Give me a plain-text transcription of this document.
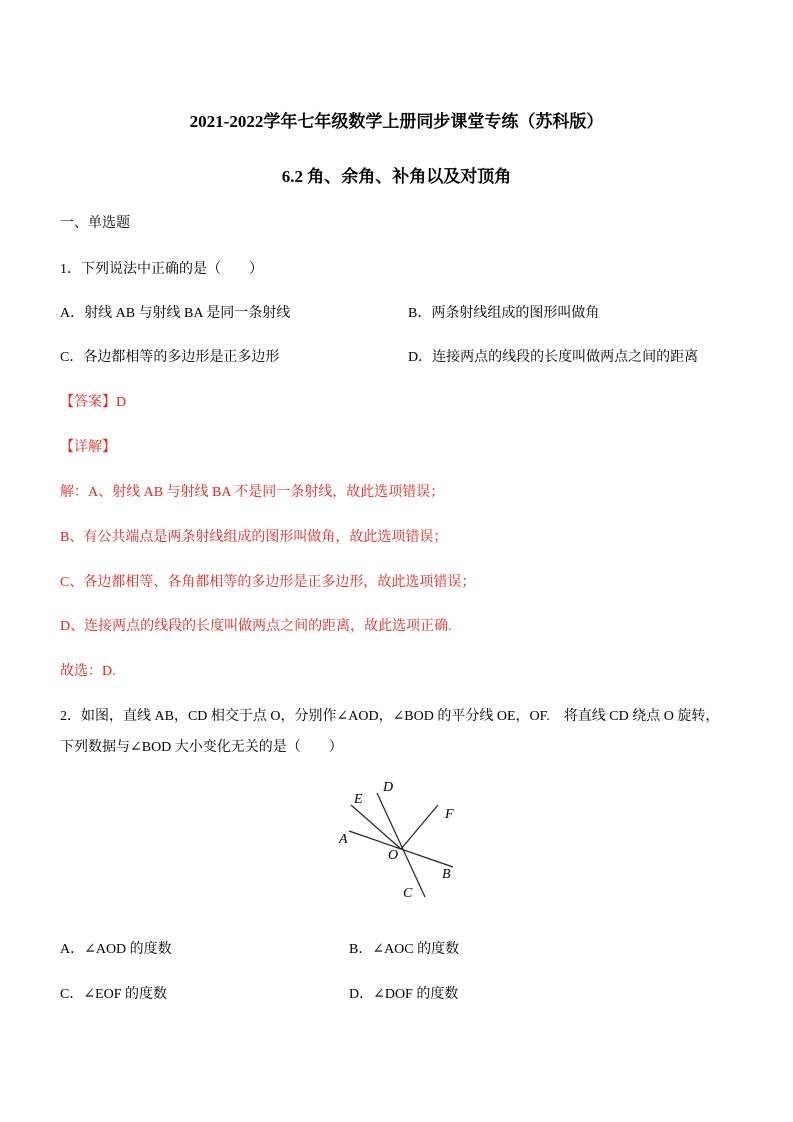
2021-2022学年七年级数学上册同步课堂专练（苏科版）
6.2 角、余角、补角以及对顶角
一、单选题
1．下列说法中正确的是（　　）
A．射线 AB 与射线 BA 是同一条射线	B．两条射线组成的图形叫做角
C．各边都相等的多边形是正多边形	D．连接两点的线段的长度叫做两点之间的距离
【答案】D
【详解】
解：A、射线 AB 与射线 BA 不是同一条射线，故此选项错误；
B、有公共端点是两条射线组成的图形叫做角，故此选项错误；
C、各边都相等、各角都相等的多边形是正多边形，故此选项错误；
D、连接两点的线段的长度叫做两点之间的距离，故此选项正确.
故选：D.
2．如图，直线 AB，CD 相交于点 O，分别作∠AOD，∠BOD 的平分线 OE，OF.　将直线 CD 绕点 O 旋转，
下列数据与∠BOD 大小变化无关的是（　　）
D
E
F
A
O
B
C
A．∠AOD 的度数	B．∠AOC 的度数
C．∠EOF 的度数	D．∠DOF 的度数
